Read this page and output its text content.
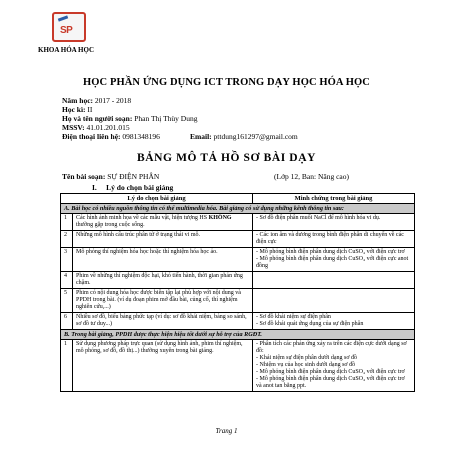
SP
KHOA HÓA HỌC
HỌC PHẦN ỨNG DỤNG ICT TRONG DẠY HỌC HÓA HỌC
Năm học: 2017 - 2018
Học kì: II
Họ và tên người soạn: Phan Thị Thùy Dung
MSSV: 41.01.201.015
Điện thoại liên hệ: 0981348196	Email: pttdung161297@gmail.com
BẢNG MÔ TẢ HỒ SƠ BÀI DẠY
Tên bài soạn: SỰ ĐIỆN PHÂN	(Lớp 12, Ban: Nâng cao)
I. Lý do chọn bài giảng
Lý do chọn bài giảng		Minh chứng trong bài giảng
A. Bài học có nhiều nguồn thông tin có thể multimedia hóa. Bài giảng có sử dụng những kênh thông tin sau:		
1	Các hình ảnh minh họa về các mẫu vật, hiện tượng HS KHÔNG thường gặp trong cuộc sống.	- Sơ đồ điện phân muối NaCl để mô hình hóa vi dụ.

2	Những mô hình cấu trúc phân tử ở trạng thái vi mô.	- Các ion âm và dương trong bình điện phân di chuyển về các điện cực

3	Mô phỏng thí nghiệm hóa học hoặc thí nghiệm hóa học ảo.	- Mô phỏng bình điện phân dung dịch CuSO₄ với điện cực trơ
- Mô phỏng bình điện phân dung dịch CuSO₄ với điện cực anot đồng

4	Phim về những thí nghiệm độc hại, khó tiến hành, thời gian phản ứng chậm.	
5	Phim có nội dung hóa học được biên tập lại phù hợp với nội dung và PPDH trong bài. (ví dụ đoạn phim mở đầu bài, củng cố, thí nghiệm nghiên cứu,...)	
6	Nhiều sơ đồ, biểu bảng phức tạp (ví dụ: sơ đồ khái niệm, bảng so sánh, sơ đồ tư duy...)	- Sơ đồ khái niệm sự điện phân
- Sơ đồ khái quát ứng dụng của sự điện phân

B. Trong bài giảng, PPDH được thực hiện hiệu tốt dưới sự hỗ trợ của RGĐT.		
1	Sử dụng phương pháp trực quan (sử dụng hình ảnh, phim thí nghiệm, mô phỏng, sơ đồ, đồ thị...) thường xuyên trong bài giảng.	- Phân tích các phản ứng xảy ra trên các điện cực dưới dạng sơ đồ:
- Khái niệm sự điện phân dưới dạng sơ đồ
- Nhiệm vụ của học sinh dưới dạng sơ đồ
- Mô phỏng bình điện phân dung dịch CuSO₄ với điện cực trơ
- Mô phỏng bình điện phân dung dịch CuSO₄ với điện cực trơ và anot tan bằng ppt.
Trang 1
